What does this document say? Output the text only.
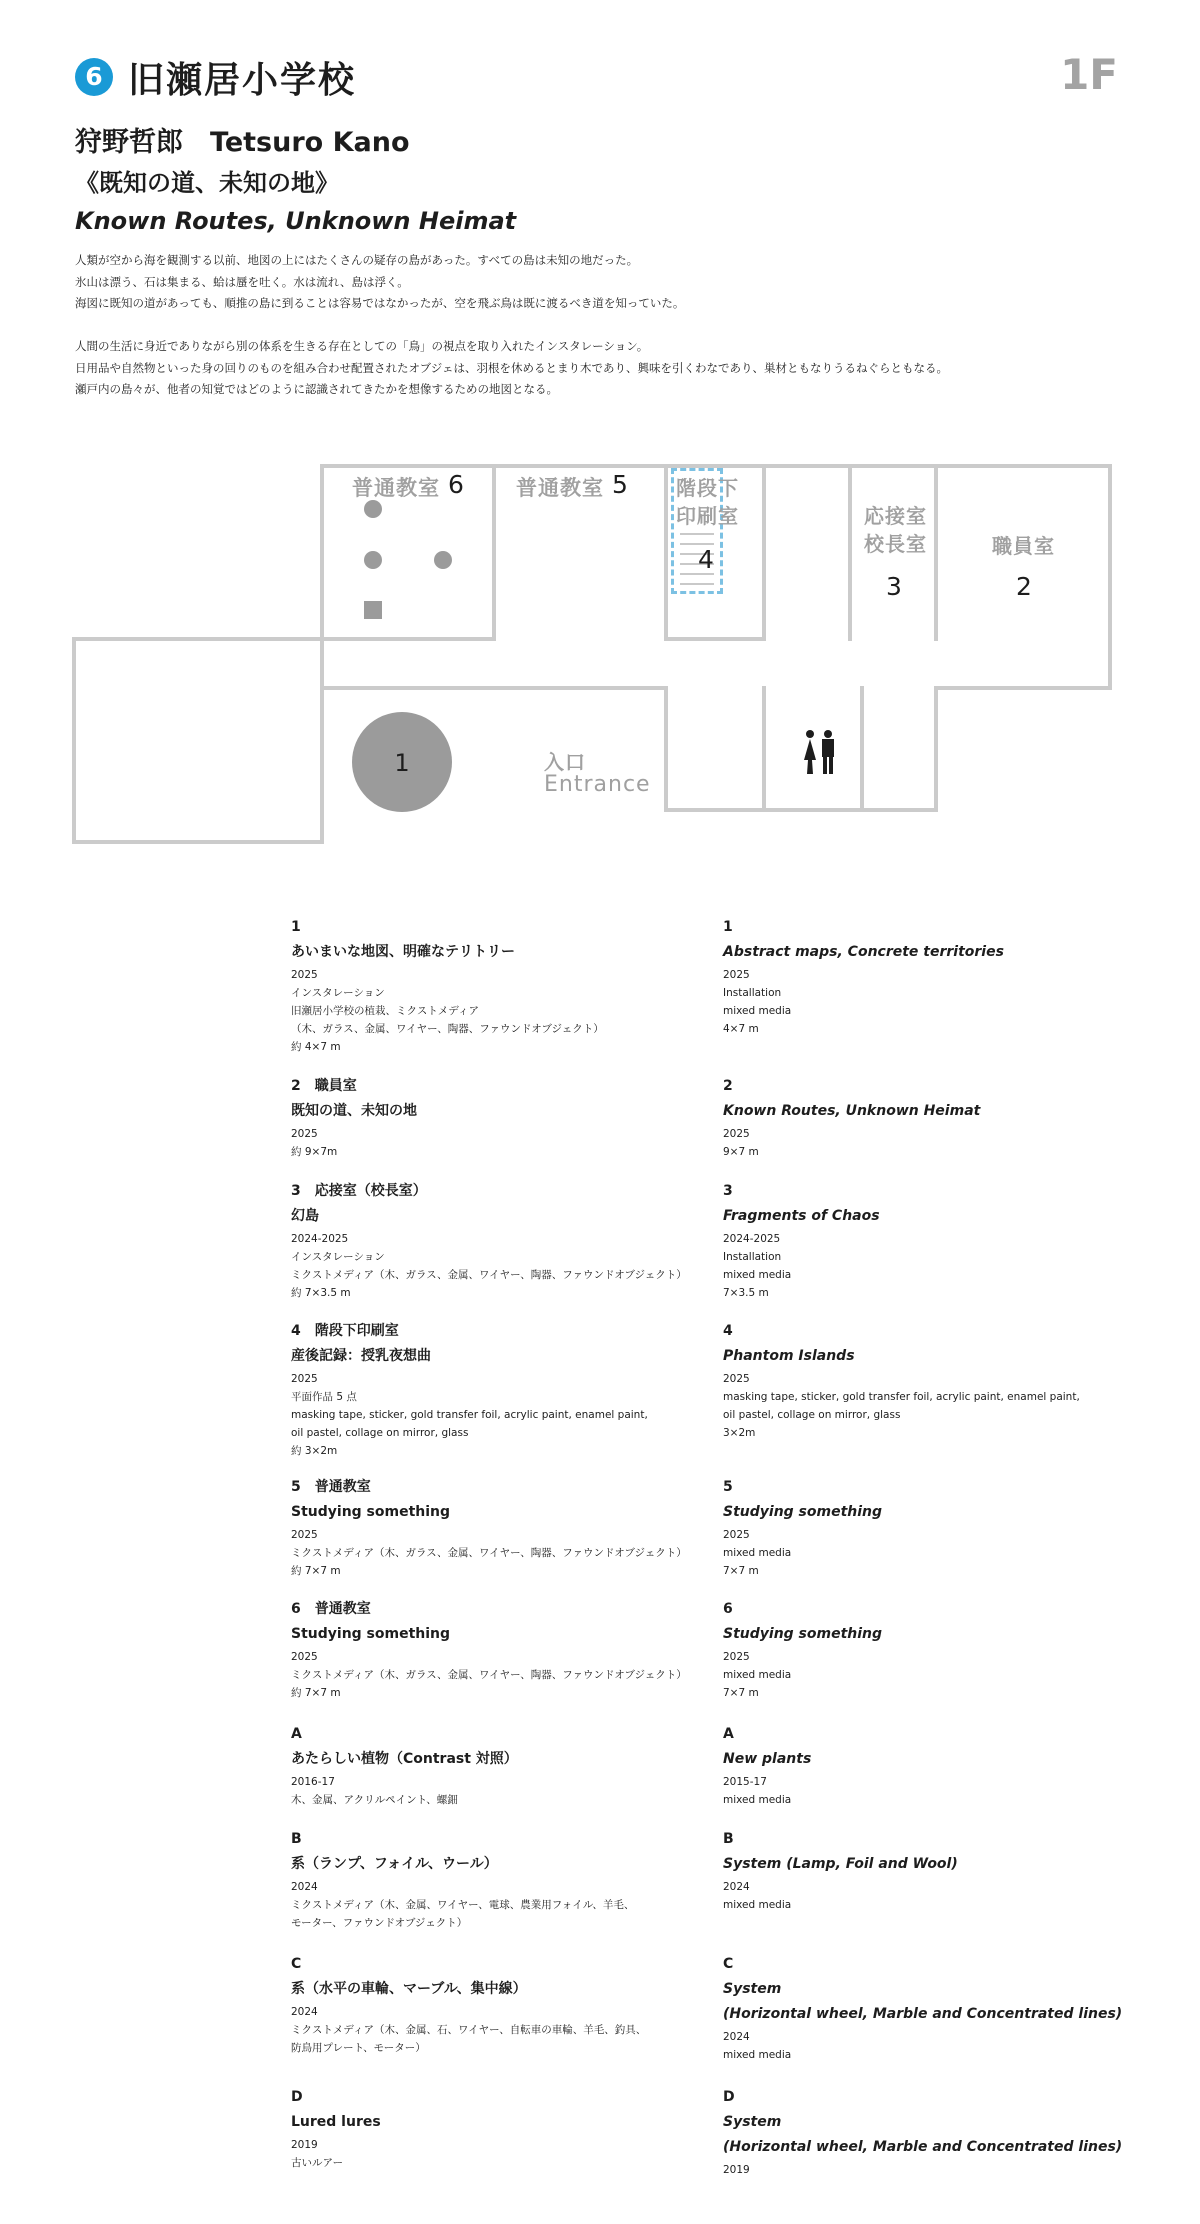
6 旧瀬居小学校	1F
狩野哲郎　Tetsuro Kano
《既知の道、未知の地》
Known Routes, Unknown Heimat

人類が空から海を観測する以前、地図の上にはたくさんの疑存の島があった。すべての島は未知の地だった。

氷山は漂う、石は集まる、蛤は蜃を吐く。水は流れ、島は浮く。

海図に既知の道があっても、順推の島に到ることは容易ではなかったが、空を飛ぶ鳥は既に渡るべき道を知っていた。

人間の生活に身近でありながら別の体系を生きる存在としての「鳥」の視点を取り入れたインスタレーション。

日用品や自然物といった身の回りのものを組み合わせ配置されたオブジェは、羽根を休めるとまり木であり、興味を引くわなであり、巣材ともなりうるねぐらともなる。

瀬戸内の島々が、他者の知覚ではどのように認識されてきたかを想像するための地図となる。

普通教室 6 普通教室 5 階段下
印刷室
4
応接室
校長室
3
職員室
2
1	入口
Entrance
1
あいまいな地図、明確なテリトリー
2025
インスタレーション
旧瀬居小学校の植栽、ミクストメディア
（木、ガラス、金属、ワイヤー、陶器、ファウンドオブジェクト）
約 4×7 m
1
Abstract maps, Concrete territories
2025
Installation
mixed media
4×7 m
2　職員室
既知の道、未知の地
2025
約 9×7m
2
Known Routes, Unknown Heimat
2025
9×7 m
3　応接室（校長室）
幻島
2024-2025
インスタレーション
ミクストメディア（木、ガラス、金属、ワイヤー、陶器、ファウンドオブジェクト）
約 7×3.5 m
3
Fragments of Chaos
2024-2025
Installation
mixed media
7×3.5 m
4　階段下印刷室
産後記録：授乳夜想曲
2025
平面作品 5 点
masking tape, sticker, gold transfer foil, acrylic paint, enamel paint,
oil pastel, collage on mirror, glass
約 3×2m
4
Phantom Islands
2025
masking tape, sticker, gold transfer foil, acrylic paint, enamel paint,
oil pastel, collage on mirror, glass
3×2m
5　普通教室
Studying something
2025
ミクストメディア（木、ガラス、金属、ワイヤー、陶器、ファウンドオブジェクト）
約 7×7 m
5
Studying something
2025
mixed media
7×7 m
6　普通教室
Studying something
2025
ミクストメディア（木、ガラス、金属、ワイヤー、陶器、ファウンドオブジェクト）
約 7×7 m
6
Studying something
2025
mixed media
7×7 m
A
あたらしい植物（Contrast 対照）
2016-17
木、金属、アクリルペイント、螺鈿
A
New plants
2015-17
mixed media
B
系（ランプ、フォイル、ウール）
2024
ミクストメディア（木、金属、ワイヤー、電球、農業用フォイル、羊毛、
モーター、ファウンドオブジェクト）
B
System (Lamp, Foil and Wool)
2024
mixed media
C
系（水平の車輪、マーブル、集中線）
2024
ミクストメディア（木、金属、石、ワイヤー、自転車の車輪、羊毛、釣具、
防鳥用プレート、モーター）
C
System
(Horizontal wheel, Marble and Concentrated lines)
2024
mixed media
D
Lured lures
2019
古いルアー
D
System
(Horizontal wheel, Marble and Concentrated lines)
2019
